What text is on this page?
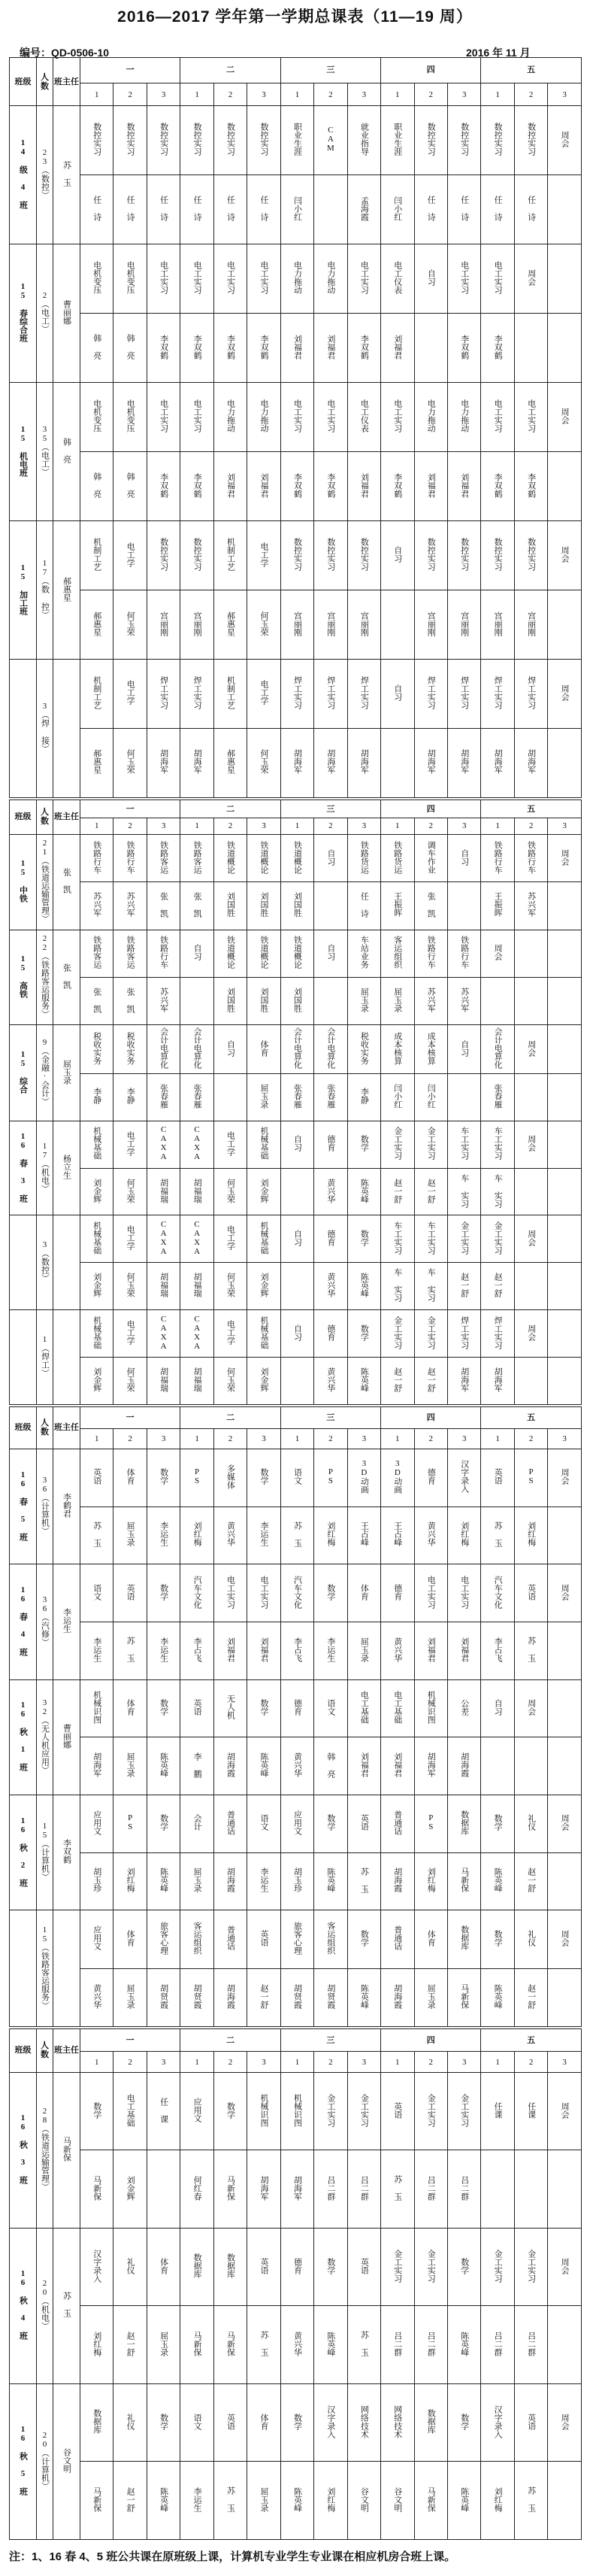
2016—2017 学年第一学期总课表（11—19 周）
编号：QD-0506-10	2016 年 11 月
班级	人数	班主任	一			二			三			四			五		
			1	2	3	1	2	3	1	2	3	1	2	3	1	2	3
14 级 4 班	23（数控）	苏 玉	数控实习	数控实习	数控实习	数控实习	数控实习	数控实习	职业生涯	CAM	就业指导	职业生涯	数控实习	数控实习	数控实习	数控实习	周会
			任 诗	任 诗	任 诗	任 诗	任 诗	任 诗	闫小红		孟海霞	闫小红	任 诗	任 诗	任 诗	任 诗	
15 春综合班	2（电工）	曹丽娜	电机变压	电机变压	电工实习	电工实习	电工实习	电工实习	电力拖动	电力拖动	电工实习	电工仪表	自习	电工实习	电工实习	周会	
			韩 亮	韩 亮	李双鹤	李双鹤	李双鹤	李双鹤	刘福君	刘福君	李双鹤	刘福君		李双鹤	李双鹤		
15 机电班	35（电工）	韩 亮	电机变压	电机变压	电工实习	电工实习	电力拖动	电力拖动	电工实习	电工实习	电工仪表	电工实习	电力拖动	电力拖动	电工实习	电工实习	周会
			韩 亮	韩 亮	李双鹤	李双鹤	刘福君	刘福君	李双鹤	李双鹤	刘福君	李双鹤	刘福君	刘福君	李双鹤	李双鹤	
15 加工班	17（数 控）	郝惠星	机制工艺	电工学	数控实习	数控实习	机制工艺	电工学	数控实习	数控实习	数控实习	自习	数控实习	数控实习	数控实习	数控实习	周会
			郝惠星	何玉荣	宫丽刚	宫丽刚	郝惠星	何玉荣	宫丽刚	宫丽刚	宫丽刚		宫丽刚	宫丽刚	宫丽刚	宫丽刚	
	3（焊 接）		机制工艺	电工学	焊工实习	焊工实习	机制工艺	电工学	焊工实习	焊工实习	焊工实习	自习	焊工实习	焊工实习	焊工实习	焊工实习	周会
			郝惠星	何玉荣	胡海军	胡海军	郝惠星	何玉荣	胡海军	胡海军	胡海军		胡海军	胡海军	胡海军	胡海军	
班级	人数	班主任	一			二			三			四			五		
			1	2	3	1	2	3	1	2	3	1	2	3	1	2	3
15 中铁	21（铁道运输管理）	张 凯	铁路行车	铁路行车	铁路客运	铁路客运	铁道概论	铁道概论	铁道概论	自习	铁路货运	铁路货运	调车作业	自习	铁路行车	铁路行车	周会
			苏兴军	苏兴军	张 凯	张 凯	刘国胜	刘国胜	刘国胜		任 诗	王振晖	张 凯		王振晖	苏兴军	
15 高铁	22（铁路客运服务）	张 凯	铁路客运	铁路客运	铁路行车	自习	铁道概论	铁道概论	铁道概论	自习	车站业务	客运组织	铁路行车	铁路行车	周会		
			张 凯	张 凯	苏兴军		刘国胜	刘国胜	刘国胜		屈玉录	屈玉录	苏兴军	苏兴军			
15 综合	9（金融·会计）	屈玉录	税收实务	税收实务	会计电算化	会计电算化	自习	体育	会计电算化	会计电算化	税收实务	成本核算	成本核算	自习	会计电算化	周会	
			李静	李静	张春雁	张春雁		屈玉录	张春雁	张春雁	李静	闫小红	闫小红		张春雁		
16 春 3 班	17（机电）	杨立生	机械基础	电工学	CAXA	CAXA	电工学	机械基础	自习	德育	数学	金工实习	金工实习	车工实习	车工实习	周会	
			刘金辉	何玉荣	胡福瑞	胡福瑞	何玉荣	刘金辉		黄兴华	陈英峰	赵一舒	赵一舒	车 实习	车 实习		
	3（数控）		机械基础	电工学	CAXA	CAXA	电工学	机械基础	自习	德育	数学	车工实习	车工实习	金工实习	金工实习	周会	
			刘金辉	何玉荣	胡福瑞	胡福瑞	何玉荣	刘金辉		黄兴华	陈英峰	车 实习	车 实习	赵一舒	赵一舒		
	1（焊工）		机械基础	电工学	CAXA	CAXA	电工学	机械基础	自习	德育	数学	金工实习	金工实习	焊工实习	焊工实习	周会	
			刘金辉	何玉荣	胡福瑞	胡福瑞	何玉荣	刘金辉		黄兴华	陈英峰	赵一舒	赵一舒	胡海军	胡海军		
班级	人数	班主任	一			二			三			四			五		
			1	2	3	1	2	3	1	2	3	1	2	3	1	2	3
16 春 5 班	36（计算机）	李鹤君	英语	体育	数学	PS	多媒体	数学	语文	PS	3D动画	3D动画	德育	汉字录入	英语	PS	周会
			苏 玉	屈玉录	李运生	刘红梅	黄兴华	李运生	苏 玉	刘红梅	王占峰	王占峰	黄兴华	刘红梅	苏 玉	刘红梅	
16 春 4 班	36（汽修）	李运生	语文	英语	数学	汽车文化	电工实习	电工实习	汽车文化	数学	体育	德育	电工实习	电工实习	汽车文化	英语	周会
			李运生	苏 玉	李运生	李占飞	刘福君	刘福君	李占飞	李运生	屈玉录	黄兴华	刘福君	刘福君	李占飞	苏 玉	
16 秋 1 班	32（无人机应用）	曹丽娜	机械识图	体育	数学	英语	无人机	数学	德育	语文	电工基础	电工基础	机械识图	公差	自习	周会	
			胡海军	屈玉录	陈英峰	李 鹏	胡海霞	陈英峰	黄兴华	韩 亮	刘福君	刘福君	胡海军	胡海霞			
16 秋 2 班	15（计算机）	李双鹤	应用文	PS	数学	会计	普通话	语文	应用文	数学	英语	普通话	PS	数据库	数学	礼仪	周会
			胡玉珍	刘红梅	陈英峰	屈玉录	胡海霞	李运生	胡玉珍	陈英峰	苏 玉	胡海霞	刘红梅	马新保	陈英峰	赵一舒	
	15（铁路客运服务）		应用文	体育	旅客心理	客运组织	普通话	英语	旅客心理	客运组织	数学	普通话	体育	数据库	数学	礼仪	周会
			黄兴华	屈玉录	胡贤霞	胡贤霞	胡海霞	赵一舒	胡贤霞	胡贤霞	陈英峰	胡海霞	屈玉录	马新保	陈英峰	赵一舒	
班级	人数	班主任	一			二			三			四			五		
			1	2	3	1	2	3	1	2	3	1	2	3	1	2	3
16 秋 3 班	28（铁道运输管理）	马新保	数学	电工基础	任 课	应用文	数学	机械识图	机械识图	金工实习	金工实习	英语	金工实习	金工实习	任课	任课	周会
			马新保	刘金辉		何红春	马新保	胡海军	胡海军	吕二群	吕二群	苏 玉	吕二群	吕二群			
16 秋 4 班	20（机电）	苏 玉	汉字录入	礼仪	体育	数据库	数据库	英语	德育	数学	英语	金工实习	金工实习	数学	金工实习	金工实习	周会
			刘红梅	赵一舒	屈玉录	马新保	马新保	苏 玉	黄兴华	陈英峰	苏 玉	吕二群	吕二群	陈英峰	吕二群	吕二群	
16 秋 5 班	20（计算机）	谷文明	数据库	礼仪	数学	语文	英语	体育	数学	汉字录入	网络技术	网络技术	数据库	数学	汉字录入	英语	周会
			马新保	赵一舒	陈英峰	李运生	苏 玉	屈玉录	陈英峰	刘红梅	谷文明	谷文明	马新保	陈英峰	刘红梅	苏 玉	
注：1、16 春 4、5 班公共课在原班级上课，计算机专业学生专业课在相应机房合班上课。
